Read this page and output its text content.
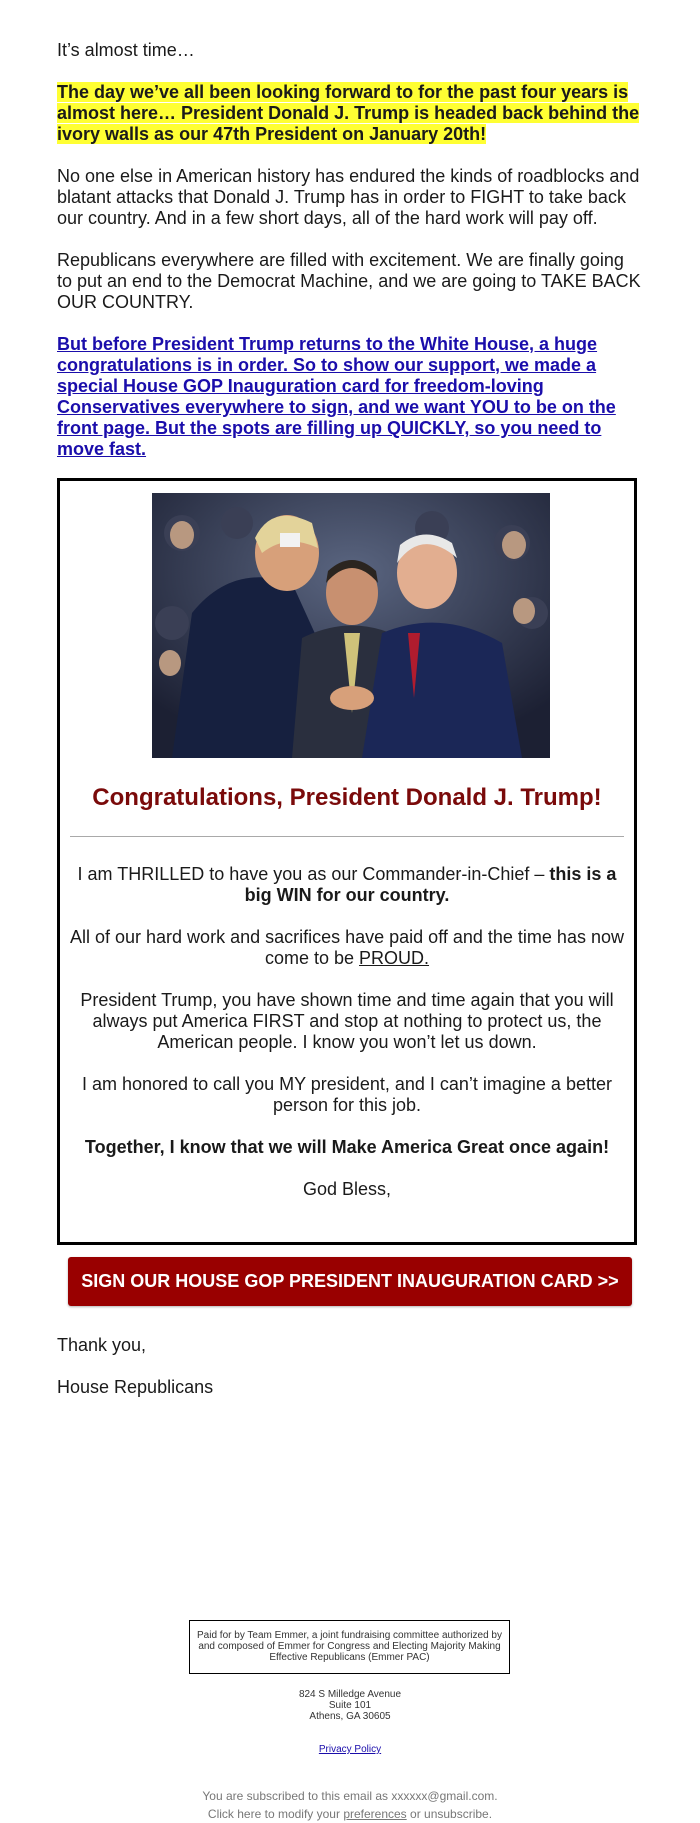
It’s almost time…

The day we’ve all been looking forward to for the past four years is almost here… President Donald J. Trump is headed back behind the ivory walls as our 47th President on January 20th!

No one else in American history has endured the kinds of roadblocks and blatant attacks that Donald J. Trump has in order to FIGHT to take back our country. And in a few short days, all of the hard work will pay off.

Republicans everywhere are filled with excitement. We are finally going to put an end to the Democrat Machine, and we are going to TAKE BACK OUR COUNTRY.

But before President Trump returns to the White House, a huge congratulations is in order. So to show our support, we made a special House GOP Inauguration card for freedom-loving Conservatives everywhere to sign, and we want YOU to be on the front page. But the spots are filling up QUICKLY, so you need to move fast.

Congratulations, President Donald J. Trump!

I am THRILLED to have you as our Commander-in-Chief – this is a big WIN for our country.

All of our hard work and sacrifices have paid off and the time has now come to be PROUD.

President Trump, you have shown time and time again that you will always put America FIRST and stop at nothing to protect us, the American people. I know you won’t let us down.

I am honored to call you MY president, and I can’t imagine a better person for this job.

Together, I know that we will Make America Great once again!

God Bless,

SIGN OUR HOUSE GOP PRESIDENT INAUGURATION CARD >>

Thank you,

House Republicans

Paid for by Team Emmer, a joint fundraising committee authorized by and composed of Emmer for Congress and Electing Majority Making Effective Republicans (Emmer PAC)
824 S Milledge Avenue
Suite 101
Athens, GA 30605
Privacy Policy
You are subscribed to this email as xxxxxx@gmail.com.
Click here to modify your preferences or unsubscribe.
